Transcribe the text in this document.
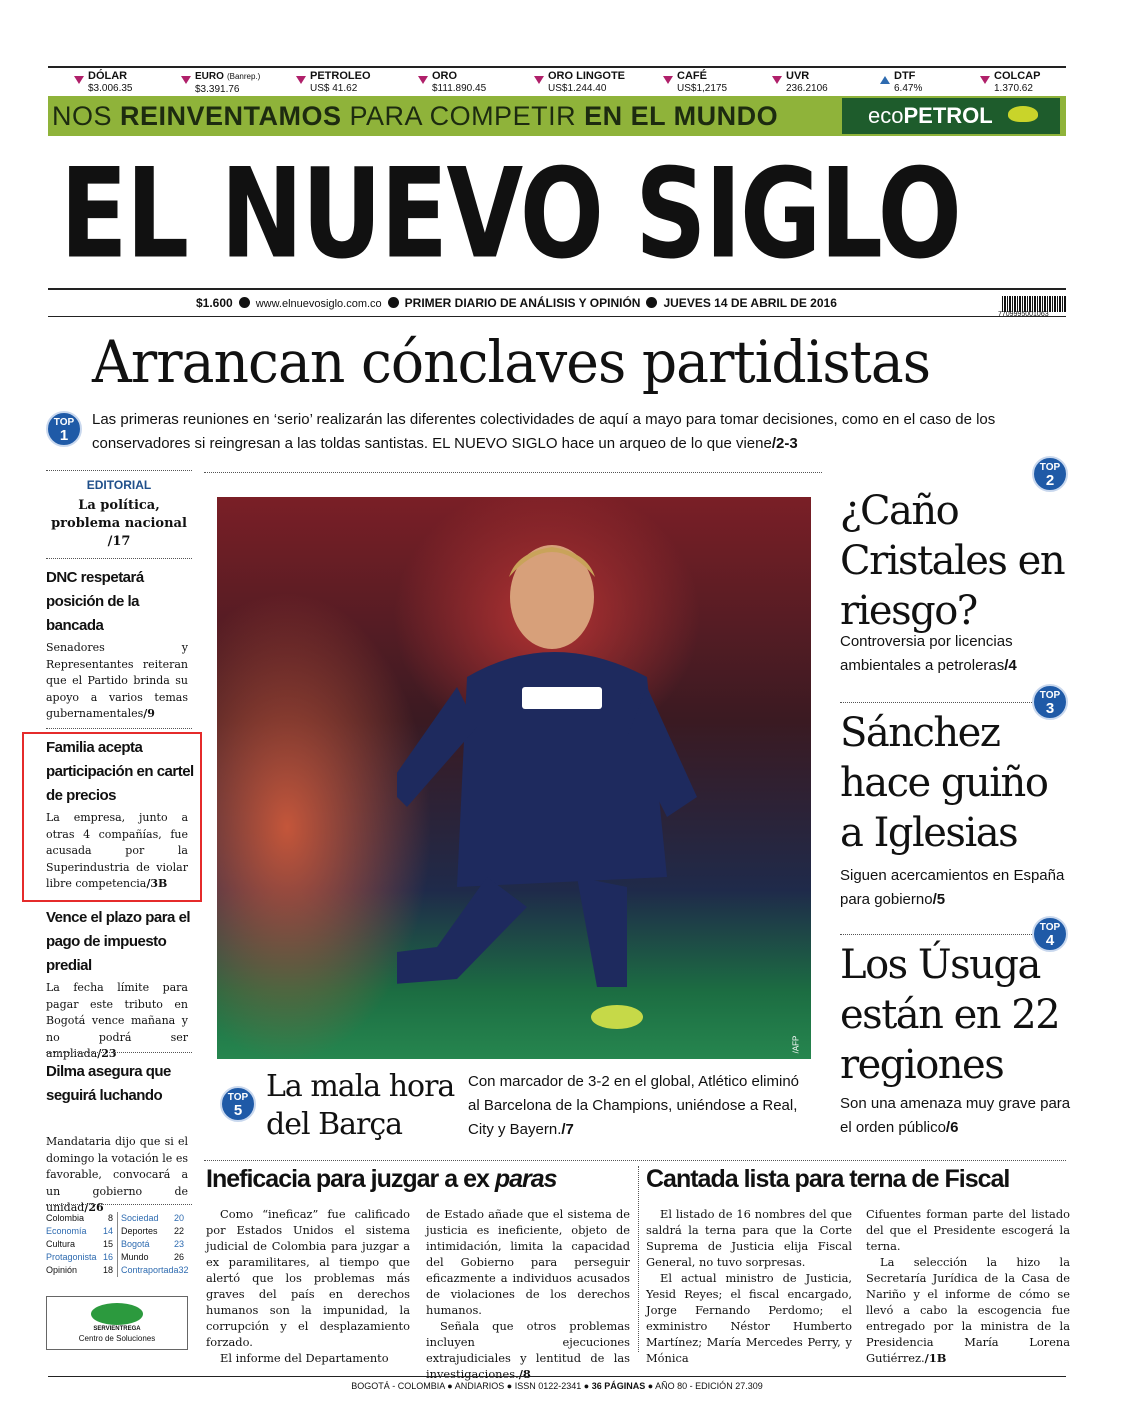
DÓLAR
$3.006.35
EURO (Banrep.)
$3.391.76
PETROLEO
US$ 41.62
ORO
$111.890.45
ORO LINGOTE
US$1.244.40
CAFÉ
US$1,2175
UVR
236.2106
DTF
6.47%
COLCAP
1.370.62
NOS REINVENTAMOS PARA COMPETIR EN EL MUNDO	ecoPETROL
EL NUEVO SIGLO
$1.600 www.elnuevosiglo.com.co PRIMER DIARIO DE ANÁLISIS Y OPINIÓN JUEVES 14 DE ABRIL DE 2016
7709995001063
Arrancan cónclaves partidistas
TOP
1
Las primeras reuniones en ‘serio’ realizarán las diferentes colectividades de aquí a mayo para tomar decisiones, como en el caso de los conservadores si reingresan a las toldas santistas. EL NUEVO SIGLO hace un arqueo de lo que viene/2-3
EDITORIAL
La política, problema nacional
/17
DNC respetará posición de la bancada
Senadores y Representantes reiteran que el Partido brinda su apoyo a varios temas gubernamentales/9
Familia acepta participación en cartel de precios
La empresa, junto a otras 4 compañías, fue acusada por la Superindustria de violar libre competencia/3B
Vence el plazo para el pago de impuesto predial
La fecha límite para pagar este tributo en Bogotá vence mañana y no podrá ser ampliada/23
Dilma asegura que seguirá luchando
Mandataria dijo que si el domingo la votación le es favorable, convocará a un gobierno de unidad/26
Colombia	8 Sociedad 20
Economía 14 Deportes 22
Cultura	15 Bogotá	23
Protagonista 16 Mundo	26
Opinión	18 Contraportada 32
SERVIENTREGA
Centro de Soluciones
/AFP
TOP
2
¿Caño Cristales en riesgo?
Controversia por licencias ambientales a petroleras/4
TOP
3
Sánchez hace guiño a Iglesias
Siguen acercamientos en España para gobierno/5
TOP
4
Los Úsuga están en 22 regiones
Son una amenaza muy grave para el orden público/6
TOP
5
La mala hora del Barça
Con marcador de 3-2 en el global, Atlético eliminó al Barcelona de la Champions, uniéndose a Real, City y Bayern./7
Ineficacia para juzgar a ex paras

Como “ineficaz” fue calificado por Estados Unidos el sistema judicial de Colombia para juzgar a ex paramilitares, al tiempo que alertó que los problemas más graves del país en derechos humanos son la impunidad, la corrupción y el desplazamiento forzado.

El informe del Departamento

de Estado añade que el sistema de justicia es ineficiente, objeto de intimidación, limita la capacidad del Gobierno para perseguir eficazmente a individuos acusados de violaciones de los derechos humanos.

Señala que otros problemas incluyen ejecuciones extrajudiciales y lentitud de las investigaciones./8

Cantada lista para terna de Fiscal

El listado de 16 nombres del que saldrá la terna para que la Corte Suprema de Justicia elija Fiscal General, no tuvo sorpresas.

El actual ministro de Justicia, Yesid Reyes; el fiscal encargado, Jorge Fernando Perdomo; el exministro Néstor Humberto Martínez; María Mercedes Perry, y Mónica

Cifuentes forman parte del listado del que el Presidente escogerá la terna.

La selección la hizo la Secretaría Jurídica de la Casa de Nariño y el informe de cómo se llevó a cabo la escogencia fue entregado por la ministra de la Presidencia María Lorena Gutiérrez./1B

BOGOTÁ - COLOMBIA ● ANDIARIOS ● ISSN 0122-2341 ● 36 PÁGINAS ● AÑO 80 - EDICIÓN 27.309
